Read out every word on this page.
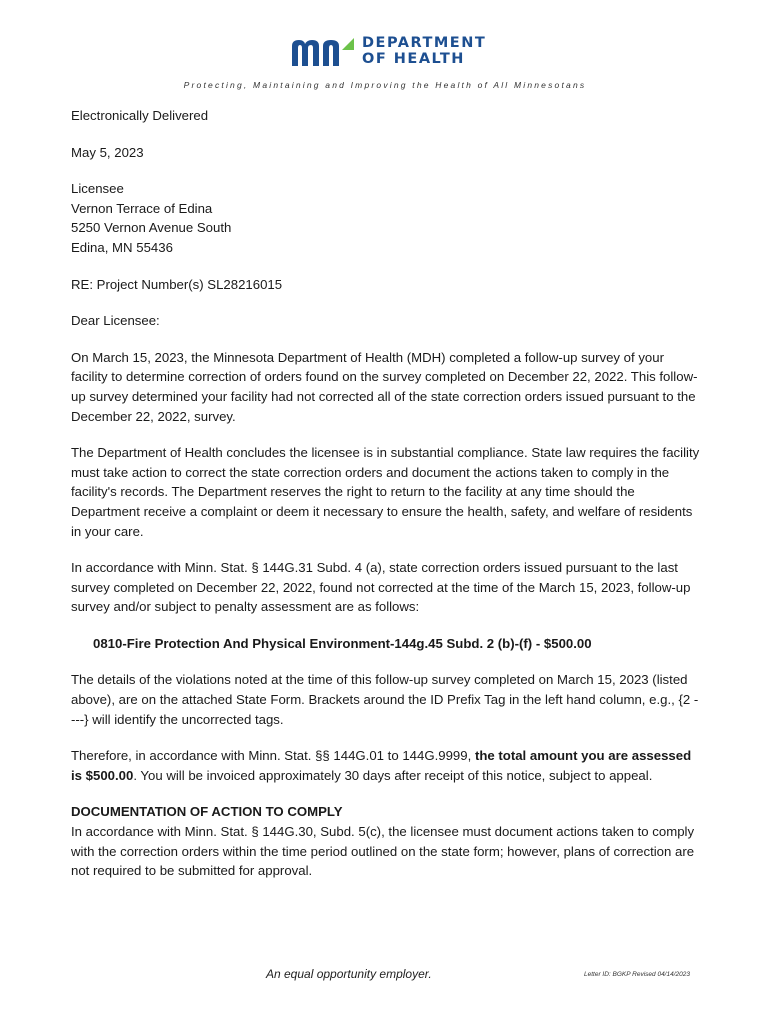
DEPARTMENT
OF HEALTH
Protecting, Maintaining and Improving the Health of All Minnesotans

Electronically Delivered

May 5, 2023

Licensee

Vernon Terrace of Edina

5250 Vernon Avenue South

Edina, MN 55436

RE: Project Number(s) SL28216015

Dear Licensee:

On March 15, 2023, the Minnesota Department of Health (MDH) completed a follow-up survey of your facility to determine correction of orders found on the survey completed on December 22, 2022. This follow-up survey determined your facility had not corrected all of the state correction orders issued pursuant to the December 22, 2022, survey.

The Department of Health concludes the licensee is in substantial compliance. State law requires the facility must take action to correct the state correction orders and document the actions taken to comply in the facility's records. The Department reserves the right to return to the facility at any time should the Department receive a complaint or deem it necessary to ensure the health, safety, and welfare of residents in your care.

In accordance with Minn. Stat. § 144G.31 Subd. 4 (a), state correction orders issued pursuant to the last survey completed on December 22, 2022, found not corrected at the time of the March 15, 2023, follow-up survey and/or subject to penalty assessment are as follows:

0810-Fire Protection And Physical Environment-144g.45 Subd. 2 (b)-(f) - $500.00

The details of the violations noted at the time of this follow-up survey completed on March 15, 2023 (listed above), are on the attached State Form. Brackets around the ID Prefix Tag in the left hand column, e.g., {2 ----} will identify the uncorrected tags.

Therefore, in accordance with Minn. Stat. §§ 144G.01 to 144G.9999, the total amount you are assessed is $500.00. You will be invoiced approximately 30 days after receipt of this notice, subject to appeal.

DOCUMENTATION OF ACTION TO COMPLY

In accordance with Minn. Stat. § 144G.30, Subd. 5(c), the licensee must document actions taken to comply with the correction orders within the time period outlined on the state form; however, plans of correction are not required to be submitted for approval.

An equal opportunity employer.	Letter ID: BGKP Revised 04/14/2023
